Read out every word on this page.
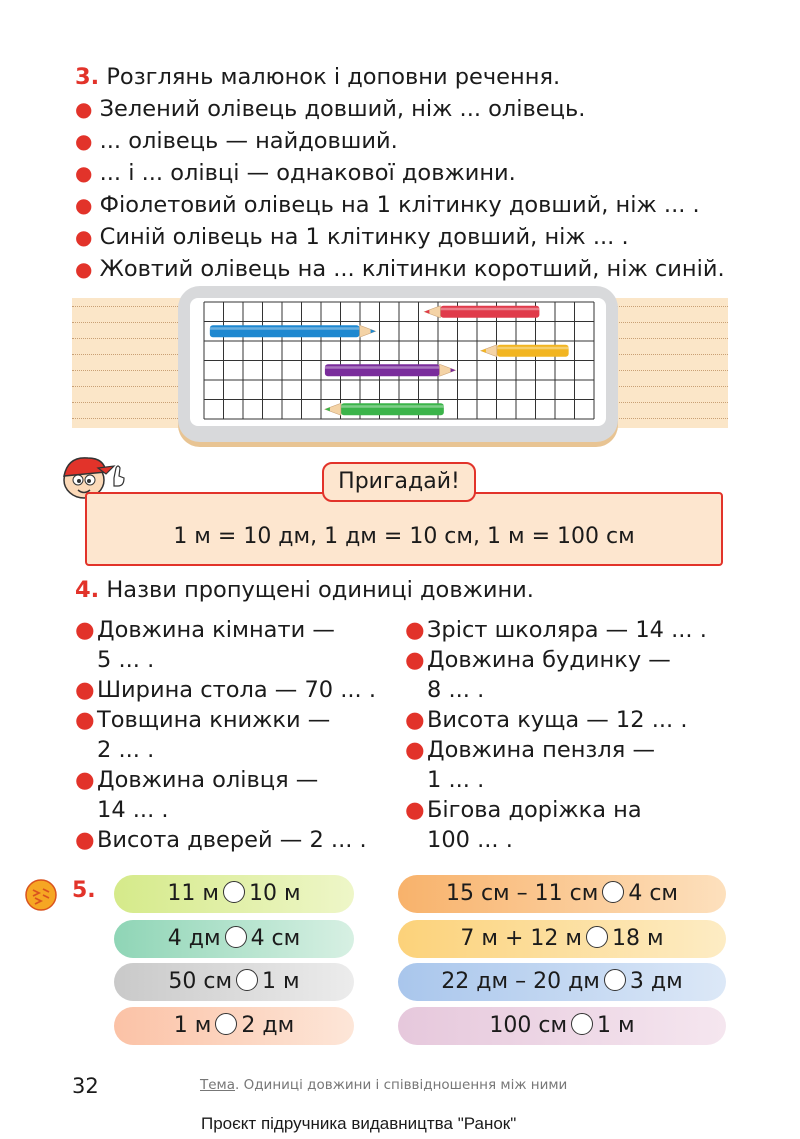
3. Розглянь малюнок і доповни речення.
● Зелений олівець довший, ніж ... олівець.
● ... олівець — найдовший.
● ... і ... олівці — однакової довжини.
● Фіолетовий олівець на 1 клітинку довший, ніж ... .
● Синій олівець на 1 клітинку довший, ніж ... .
● Жовтий олівець на ... клітинки коротший, ніж синій.
1 м = 10 дм, 1 дм = 10 см, 1 м = 100 см
Пригадай!
4. Назви пропущені одиниці довжини.
● Довжина кімнати —
5 ... .
● Ширина стола — 70 ... .
● Товщина книжки —
2 ... .
● Довжина олівця —
14 ... .
● Висота дверей — 2 ... .
● Зріст школяра — 14 ... .
● Довжина будинку —
8 ... .
● Висота куща — 12 ... .
● Довжина пензля —
1 ... .
● Бігова доріжка на
100 ... .
5.	11 м 10 м
4 дм 4 см
50 см 1 м
1 м 2 дм
15 см – 11 см 4 см
7 м + 12 м 18 м
22 дм – 20 дм 3 дм
100 см 1 м
32	Тема. Одиниці довжини і співвідношення між ними
Проєкт підручника видавництва "Ранок"
